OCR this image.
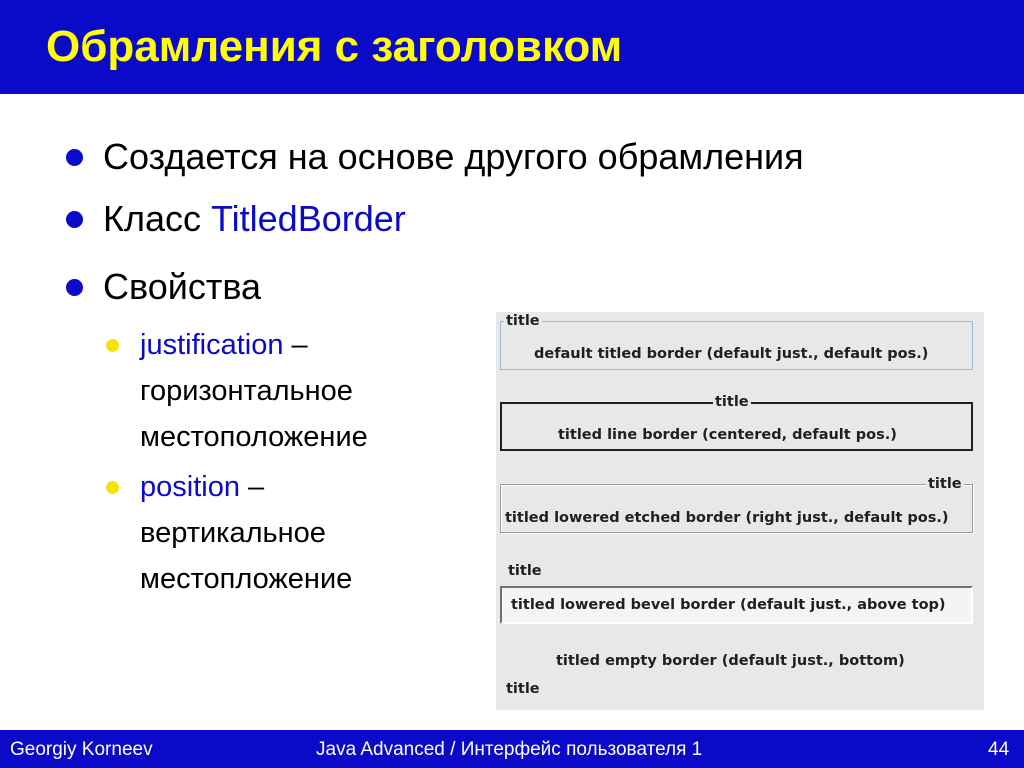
Обрамления с заголовком
Создается на основе другого обрамления
Класс TitledBorder
Свойства
justification –
горизонтальное
местоположение
position –
вертикальное
местопложение
title
default titled border (default just., default pos.)
title
titled line border (centered, default pos.)
title
titled lowered etched border (right just., default pos.)
title
titled lowered bevel border (default just., above top)
titled empty border (default just., bottom)
title
Georgiy Korneev	Java Advanced / Интерфейс пользователя 1	44
